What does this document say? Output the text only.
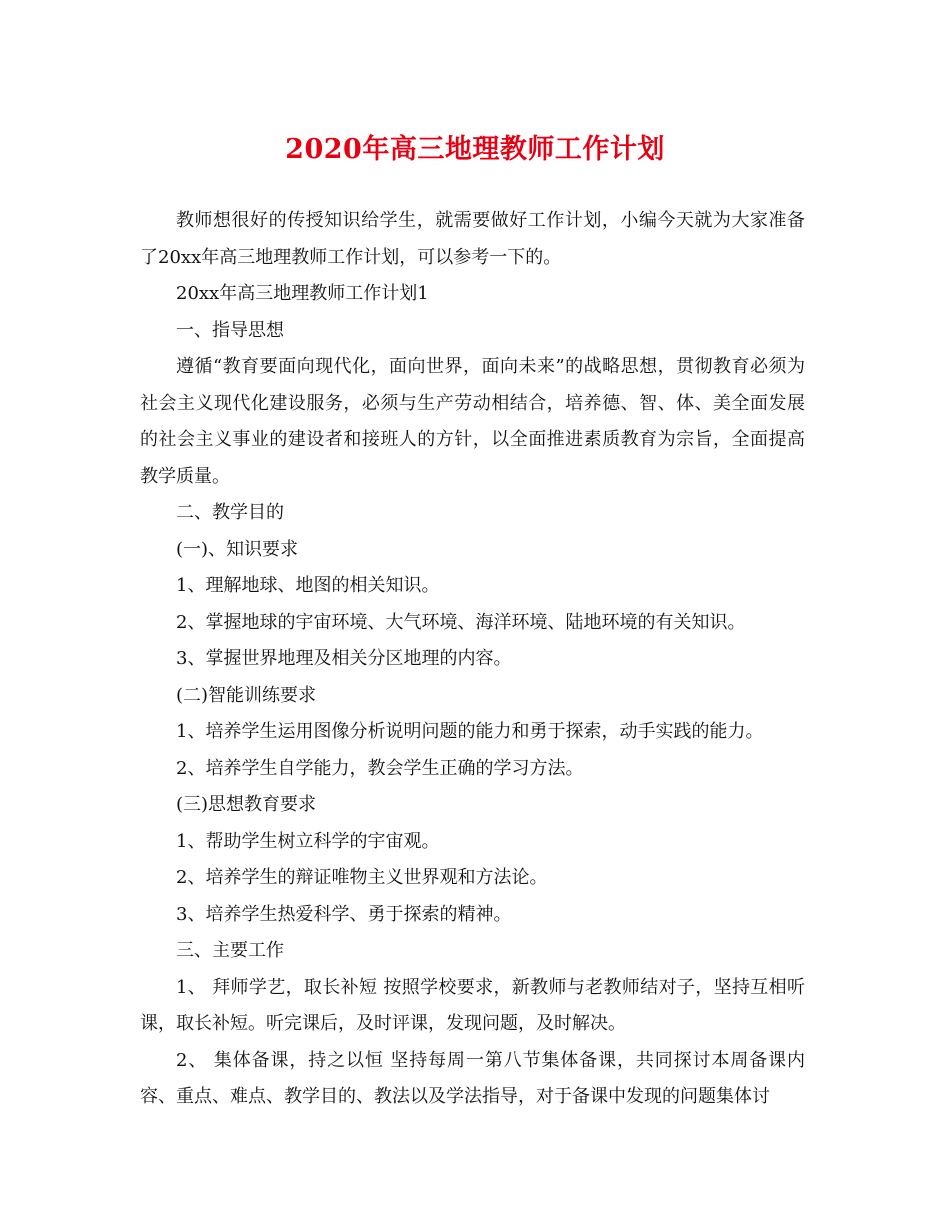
2020年高三地理教师工作计划

教师想很好的传授知识给学生，就需要做好工作计划，小编今天就为大家准备了20xx年高三地理教师工作计划，可以参考一下的。

20xx年高三地理教师工作计划1

一、指导思想

遵循“教育要面向现代化，面向世界，面向未来”的战略思想，贯彻教育必须为社会主义现代化建设服务，必须与生产劳动相结合，培养德、智、体、美全面发展的社会主义事业的建设者和接班人的方针，以全面推进素质教育为宗旨，全面提高教学质量。

二、教学目的

(一)、知识要求

1、理解地球、地图的相关知识。

2、掌握地球的宇宙环境、大气环境、海洋环境、陆地环境的有关知识。

3、掌握世界地理及相关分区地理的内容。

(二)智能训练要求

1、培养学生运用图像分析说明问题的能力和勇于探索，动手实践的能力。

2、培养学生自学能力，教会学生正确的学习方法。

(三)思想教育要求

1、帮助学生树立科学的宇宙观。

2、培养学生的辩证唯物主义世界观和方法论。

3、培养学生热爱科学、勇于探索的精神。

三、主要工作

1、 拜师学艺，取长补短 按照学校要求，新教师与老教师结对子，坚持互相听课，取长补短。听完课后，及时评课，发现问题，及时解决。

2、 集体备课，持之以恒 坚持每周一第八节集体备课，共同探讨本周备课内容、重点、难点、教学目的、教法以及学法指导，对于备课中发现的问题集体讨
